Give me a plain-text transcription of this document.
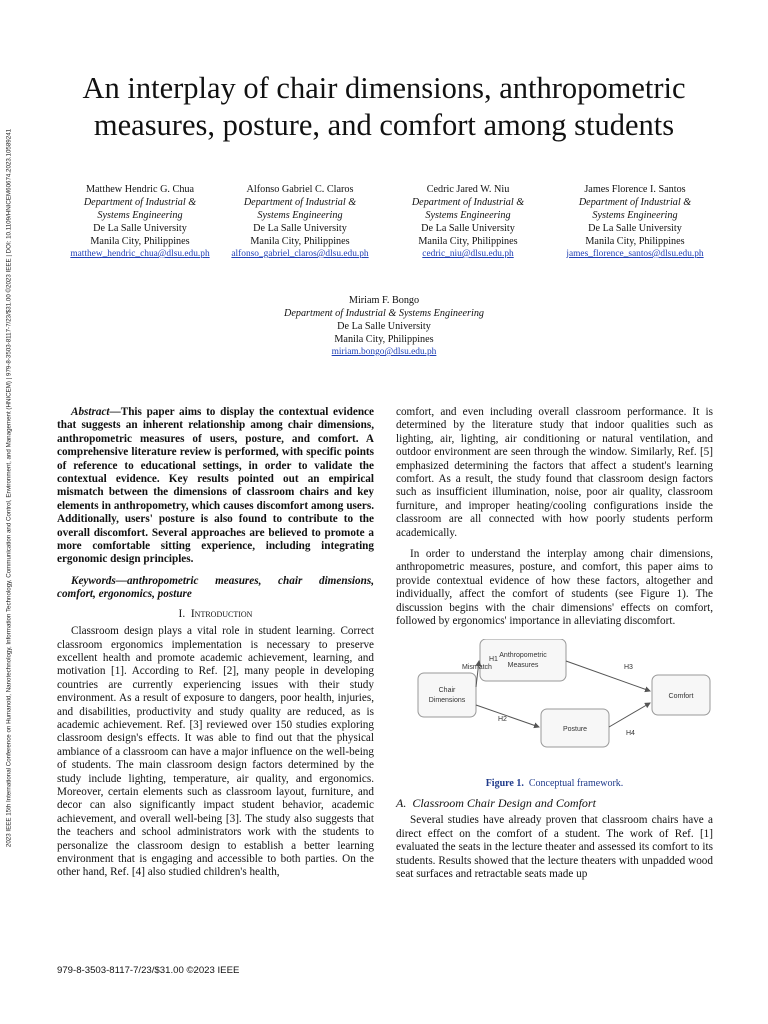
2023 IEEE 15th International Conference on Humanoid, Nanotechnology, Information Technology, Communication and Control, Environment, and Management (HNICEM) | 979-8-3503-8117-7/23/$31.00 ©2023 IEEE | DOI: 10.1109/HNICEM60674.2023.10589241
An interplay of chair dimensions, anthropometric
measures, posture, and comfort among students
Matthew Hendric G. Chua
Department of Industrial &
Systems Engineering
De La Salle University
Manila City, Philippines
matthew_hendric_chua@dlsu.edu.ph
Alfonso Gabriel C. Claros
Department of Industrial &
Systems Engineering
De La Salle University
Manila City, Philippines
alfonso_gabriel_claros@dlsu.edu.ph
Cedric Jared W. Niu
Department of Industrial &
Systems Engineering
De La Salle University
Manila City, Philippines
cedric_niu@dlsu.edu.ph
James Florence I. Santos
Department of Industrial &
Systems Engineering
De La Salle University
Manila City, Philippines
james_florence_santos@dlsu.edu.ph
Miriam F. Bongo
Department of Industrial & Systems Engineering
De La Salle University
Manila City, Philippines
miriam.bongo@dlsu.edu.ph

Abstract—This paper aims to display the contextual evidence that suggests an inherent relationship among chair dimensions, anthropometric measures of users, posture, and comfort. A comprehensive literature review is performed, with specific points of reference to educational settings, in order to validate the contextual evidence. Key results pointed out an empirical mismatch between the dimensions of classroom chairs and key elements in anthropometry, which causes discomfort among users. Additionally, users' posture is also found to contribute to the overall discomfort. Several approaches are believed to promote a more comfortable sitting experience, including integrating ergonomic design principles.

Keywords—anthropometric measures, chair dimensions, comfort, ergonomics, posture

I. Introduction

Classroom design plays a vital role in student learning. Correct classroom ergonomics implementation is necessary to preserve excellent health and promote academic achievement, learning, and motivation [1]. According to Ref. [2], many people in developing countries are currently experiencing issues with their study environment. As a result of exposure to dangers, poor health, injuries, and disabilities, productivity and study quality are reduced, as is academic achievement. Ref. [3] reviewed over 150 studies exploring classroom design's effects. It was able to find out that the physical ambiance of a classroom can have a major influence on the well-being of students. The main classroom design factors determined by the study include lighting, temperature, air quality, and ergonomics. Moreover, certain elements such as classroom layout, furniture, and decor can also significantly impact student behavior, academic achievement, and overall well-being [3]. The study also suggests that the teachers and school administrators work with the students to personalize the classroom design to establish a better learning environment that is engaging and accessible to both parties. On the other hand, Ref. [4] also studied children's health,

comfort, and even including overall classroom performance. It is determined by the literature study that indoor qualities such as lighting, air, lighting, air conditioning or natural ventilation, and outdoor environment are seen through the window. Similarly, Ref. [5] emphasized determining the factors that affect a student's learning comfort. As a result, the study found that classroom design factors such as insufficient illumination, noise, poor air quality, classroom furniture, and improper heating/cooling configurations inside the classroom are all connected with how poorly students perform academically.

In order to understand the interplay among chair dimensions, anthropometric measures, posture, and comfort, this paper aims to provide contextual evidence of how these factors, altogether and individually, affect the comfort of students (see Figure 1). The discussion begins with the chair dimensions' effects on comfort, followed by ergonomics' importance in alleviating discomfort.

Chair
Dimensions
Anthropometric
Measures
Posture
Comfort
H1
Mismatch
H2
H3
H4

Figure 1. Conceptual framework.

A. Classroom Chair Design and Comfort

Several studies have already proven that classroom chairs have a direct effect on the comfort of a student. The work of Ref. [1] evaluated the seats in the lecture theater and assessed its comfort to its students. Results showed that the lecture theaters with unpadded wood seat surfaces and retractable seats made up

979-8-3503-8117-7/23/$31.00 ©2023 IEEE
